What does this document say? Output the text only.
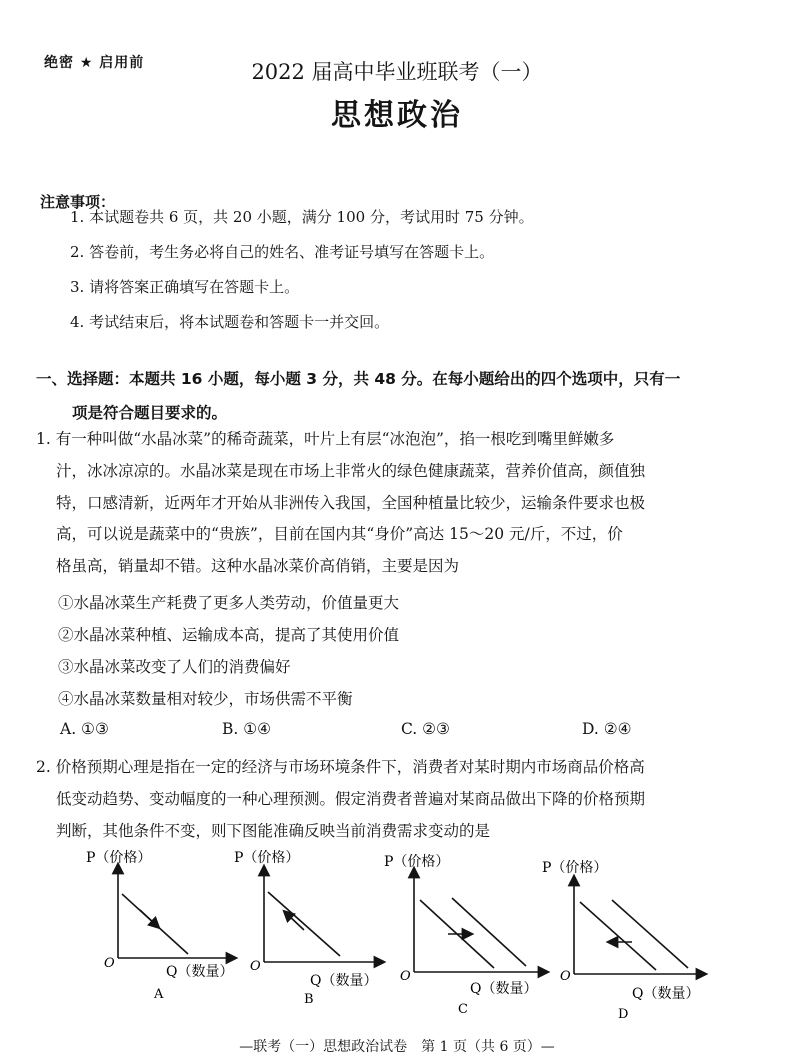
绝密 ★ 启用前	2022 届高中毕业班联考（一）
思想政治
注意事项：
1. 本试题卷共 6 页，共 20 小题，满分 100 分，考试用时 75 分钟。
2. 答卷前，考生务必将自己的姓名、准考证号填写在答题卡上。
3. 请将答案正确填写在答题卡上。
4. 考试结束后，将本试题卷和答题卡一并交回。
一、选择题：本题共 16 小题，每小题 3 分，共 48 分。在每小题给出的四个选项中，只有一
项是符合题目要求的。
1. 有一种叫做“水晶冰菜”的稀奇蔬菜，叶片上有层“冰泡泡”，掐一根吃到嘴里鲜嫩多
汁，冰冰凉凉的。水晶冰菜是现在市场上非常火的绿色健康蔬菜，营养价值高，颜值独
特，口感清新，近两年才开始从非洲传入我国，全国种植量比较少，运输条件要求也极
高，可以说是蔬菜中的“贵族”，目前在国内其“身价”高达 15～20 元/斤，不过，价
格虽高，销量却不错。这种水晶冰菜价高俏销，主要是因为
①水晶冰菜生产耗费了更多人类劳动，价值量更大
②水晶冰菜种植、运输成本高，提高了其使用价值
③水晶冰菜改变了人们的消费偏好
④水晶冰菜数量相对较少，市场供需不平衡
A. ①③	B. ①④	C. ②③	D. ②④
2. 价格预期心理是指在一定的经济与市场环境条件下，消费者对某时期内市场商品价格高
低变动趋势、变动幅度的一种心理预测。假定消费者普遍对某商品做出下降的价格预期
判断，其他条件不变，则下图能准确反映当前消费需求变动的是
P（价格）
O
Q（数量）
A
P（价格）
O
Q（数量）
B
P（价格）
O
Q（数量）
C
P（价格）
O
Q（数量）
D
—联考（一）思想政治试卷　第 1 页（共 6 页）—
